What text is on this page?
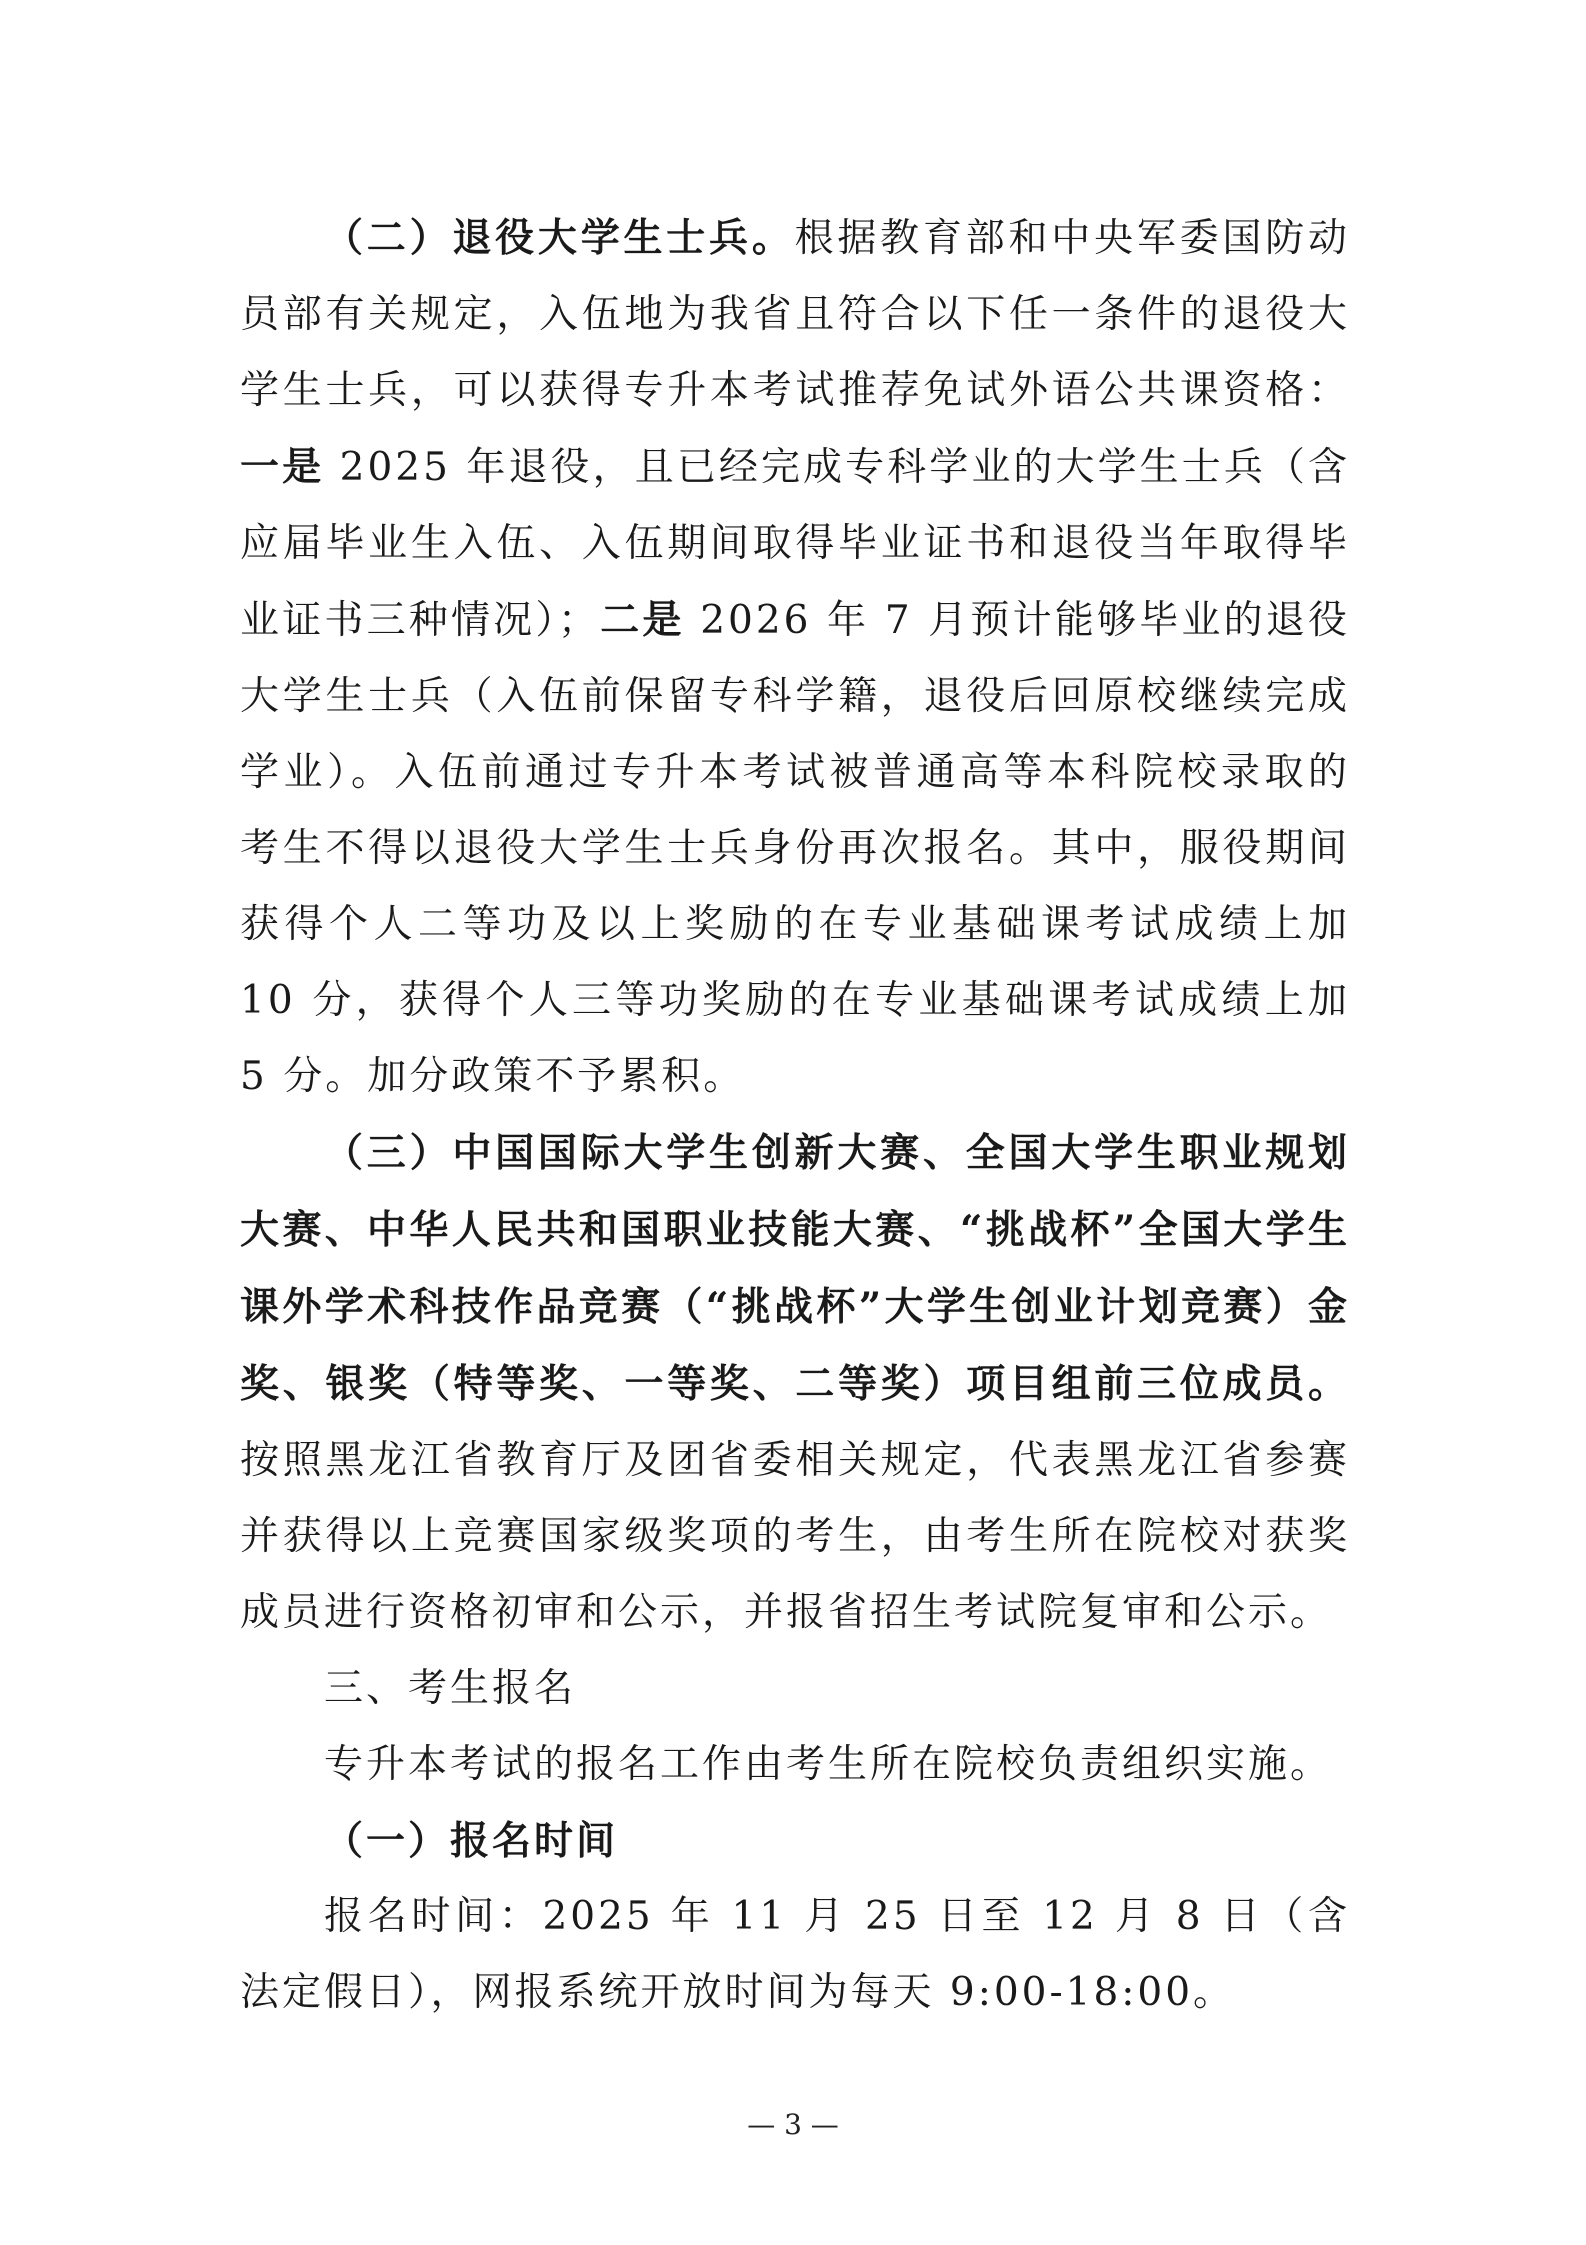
（二）退役大学生士兵。根据教育部和中央军委国防动员部有关规定，入伍地为我省且符合以下任一条件的退役大学生士兵，可以获得专升本考试推荐免试外语公共课资格：一是 2025 年退役，且已经完成专科学业的大学生士兵（含应届毕业生入伍、入伍期间取得毕业证书和退役当年取得毕业证书三种情况）；二是 2026 年 7 月预计能够毕业的退役大学生士兵（入伍前保留专科学籍，退役后回原校继续完成学业）。入伍前通过专升本考试被普通高等本科院校录取的考生不得以退役大学生士兵身份再次报名。其中，服役期间获得个人二等功及以上奖励的在专业基础课考试成绩上加 10 分，获得个人三等功奖励的在专业基础课考试成绩上加 5 分。加分政策不予累积。

（三）中国国际大学生创新大赛、全国大学生职业规划大赛、中华人民共和国职业技能大赛、“挑战杯”全国大学生课外学术科技作品竞赛（“挑战杯”大学生创业计划竞赛）金奖、银奖（特等奖、一等奖、二等奖）项目组前三位成员。按照黑龙江省教育厅及团省委相关规定，代表黑龙江省参赛并获得以上竞赛国家级奖项的考生，由考生所在院校对获奖成员进行资格初审和公示，并报省招生考试院复审和公示。

三、考生报名

专升本考试的报名工作由考生所在院校负责组织实施。

（一）报名时间

报名时间：2025 年 11 月 25 日至 12 月 8 日（含法定假日），网报系统开放时间为每天 9:00-18:00。

— 3 —
